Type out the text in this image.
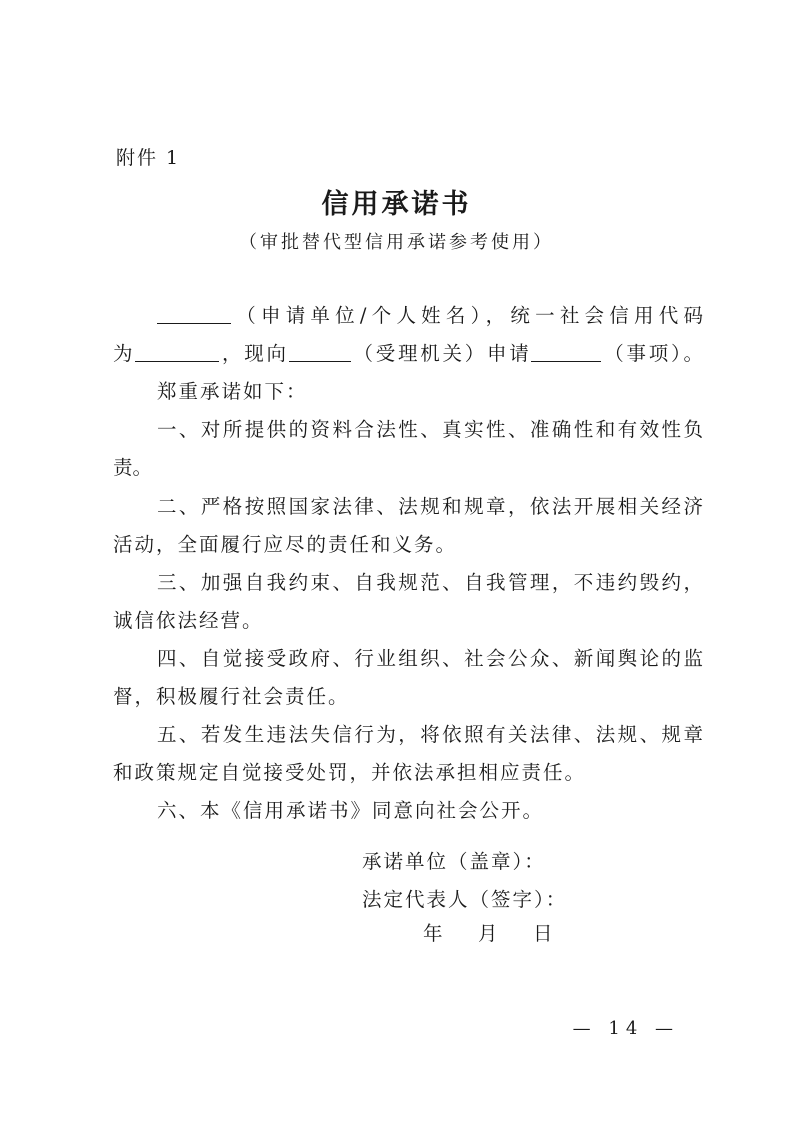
附件 1
信用承诺书
（审批替代型信用承诺参考使用）
（申请单位/个人姓名），统一社会信用代码
为	，现向	（受理机关）申请	（事项）。
郑重承诺如下：
一、对所提供的资料合法性、真实性、准确性和有效性负
责。
二、严格按照国家法律、法规和规章，依法开展相关经济
活动，全面履行应尽的责任和义务。
三、加强自我约束、自我规范、自我管理，不违约毁约，
诚信依法经营。
四、自觉接受政府、行业组织、社会公众、新闻舆论的监
督，积极履行社会责任。
五、若发生违法失信行为，将依照有关法律、法规、规章
和政策规定自觉接受处罚，并依法承担相应责任。
六、本《信用承诺书》同意向社会公开。
承诺单位（盖章）：
法定代表人（签字）：
年 月 日
— 14 —
